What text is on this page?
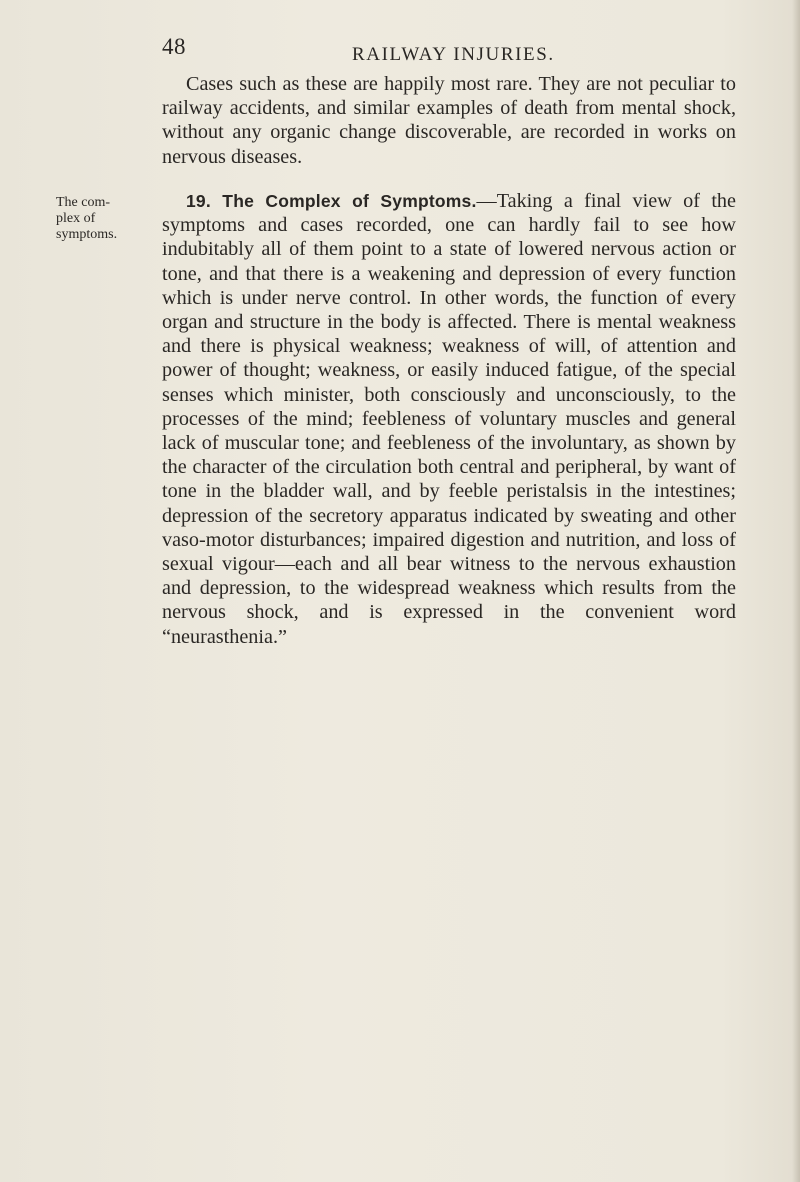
48	RAILWAY INJURIES.

Cases such as these are happily most rare. They are not peculiar to railway accidents, and similar examples of death from mental shock, without any organic change discoverable, are recorded in works on nervous diseases.

The com-
plex of
symptoms.

19. The Complex of Symptoms.—Taking a final view of the symptoms and cases recorded, one can hardly fail to see how indubitably all of them point to a state of lowered nervous action or tone, and that there is a weakening and depression of every function which is under nerve control. In other words, the function of every organ and structure in the body is affected. There is mental weakness and there is physical weakness; weakness of will, of attention and power of thought; weakness, or easily induced fatigue, of the special senses which minister, both consciously and unconsciously, to the processes of the mind; feebleness of voluntary muscles and general lack of muscular tone; and feebleness of the involuntary, as shown by the character of the circulation both central and peripheral, by want of tone in the bladder wall, and by feeble peristalsis in the intestines; depression of the secretory apparatus indicated by sweating and other vaso-motor disturbances; impaired digestion and nutrition, and loss of sexual vigour—each and all bear witness to the nervous exhaustion and depression, to the widespread weakness which results from the nervous shock, and is expressed in the convenient word “neurasthenia.”
